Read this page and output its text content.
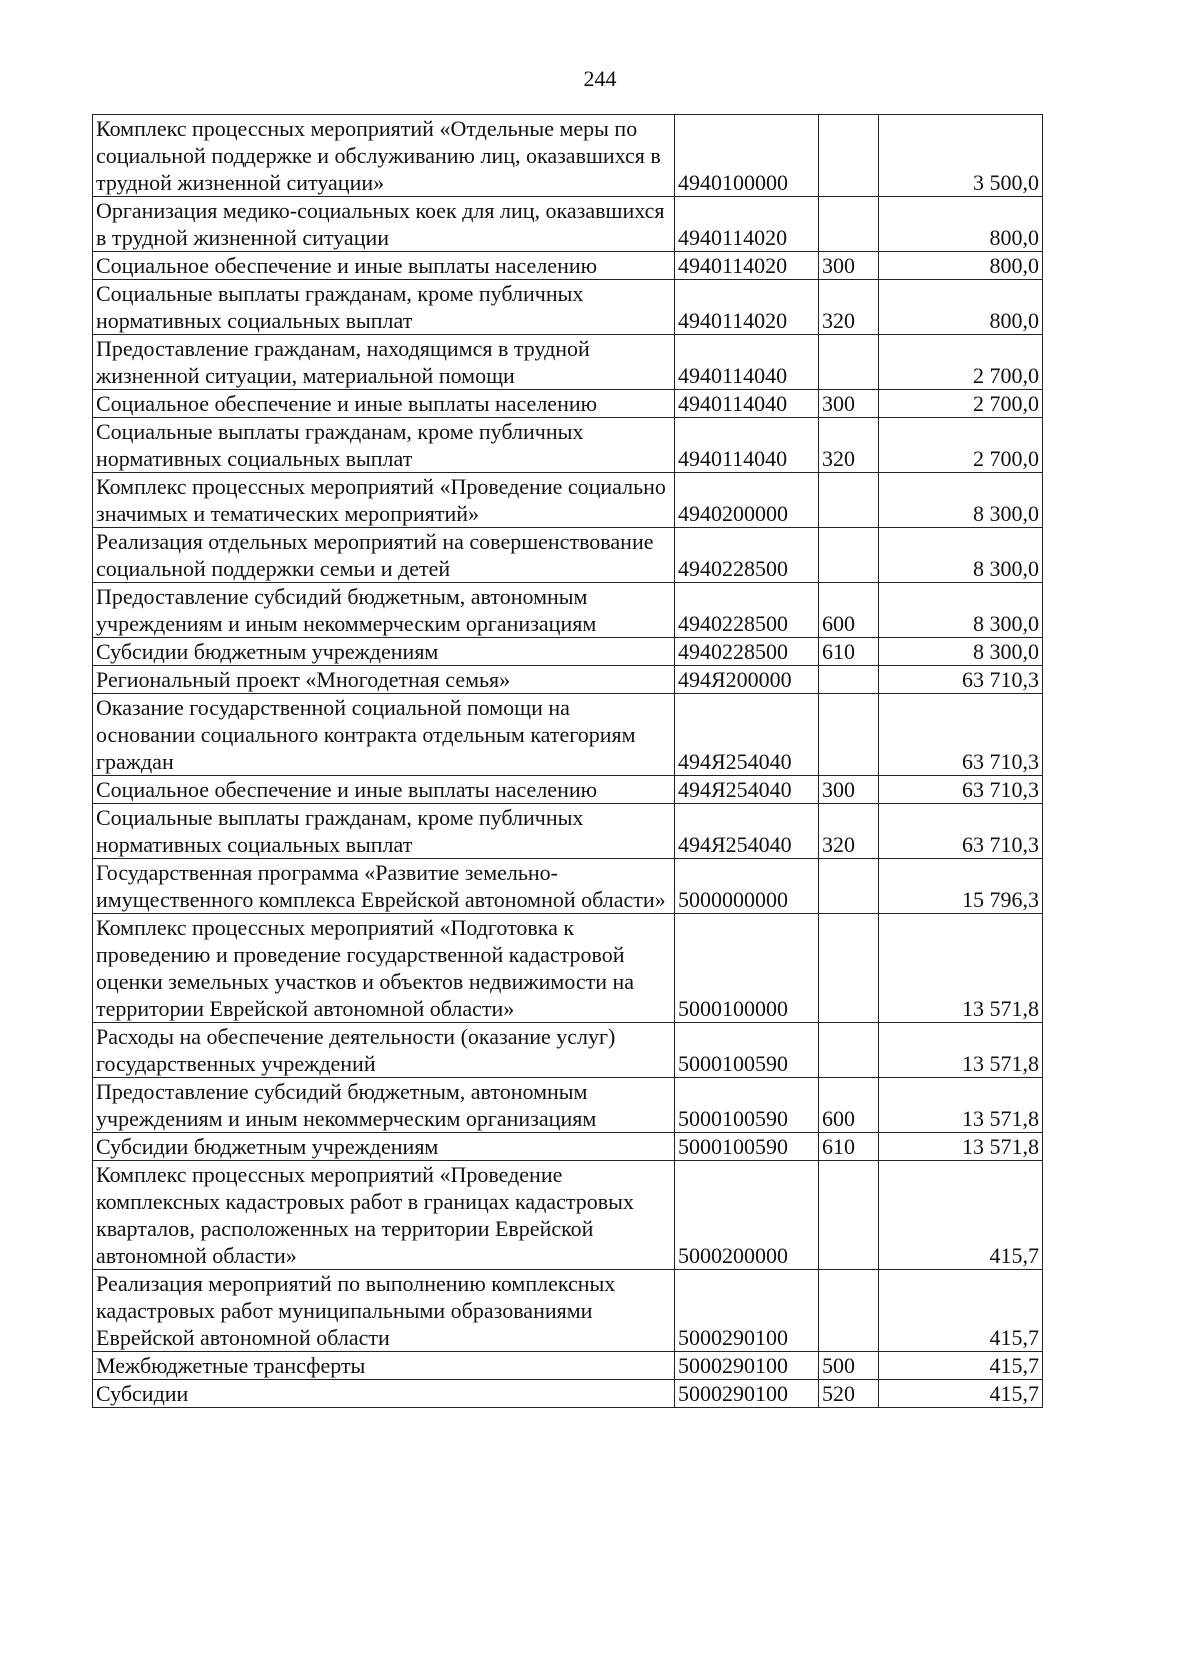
244
Комплекс процессных мероприятий «Отдельные меры по социальной поддержке и обслуживанию лиц, оказавшихся в трудной жизненной ситуации»	4940100000		3 500,0
Организация медико-социальных коек для лиц, оказавшихся в трудной жизненной ситуации	4940114020		800,0
Социальное обеспечение и иные выплаты населению	4940114020	300	800,0
Социальные выплаты гражданам, кроме публичных нормативных социальных выплат	4940114020	320	800,0
Предоставление гражданам, находящимся в трудной жизненной ситуации, материальной помощи	4940114040		2 700,0
Социальное обеспечение и иные выплаты населению	4940114040	300	2 700,0
Социальные выплаты гражданам, кроме публичных нормативных социальных выплат	4940114040	320	2 700,0
Комплекс процессных мероприятий «Проведение социально значимых и тематических мероприятий»	4940200000		8 300,0
Реализация отдельных мероприятий на совершенствование социальной поддержки семьи и детей	4940228500		8 300,0
Предоставление субсидий бюджетным, автономным учреждениям и иным некоммерческим организациям	4940228500	600	8 300,0
Субсидии бюджетным учреждениям	4940228500	610	8 300,0
Региональный проект «Многодетная семья»	494Я200000		63 710,3
Оказание государственной социальной помощи на основании социального контракта отдельным категориям граждан	494Я254040		63 710,3
Социальное обеспечение и иные выплаты населению	494Я254040	300	63 710,3
Социальные выплаты гражданам, кроме публичных нормативных социальных выплат	494Я254040	320	63 710,3
Государственная программа «Развитие земельно-имущественного комплекса Еврейской автономной области»	5000000000		15 796,3
Комплекс процессных мероприятий «Подготовка к проведению и проведение государственной кадастровой оценки земельных участков и объектов недвижимости на территории Еврейской автономной области»	5000100000		13 571,8
Расходы на обеспечение деятельности (оказание услуг) государственных учреждений	5000100590		13 571,8
Предоставление субсидий бюджетным, автономным учреждениям и иным некоммерческим организациям	5000100590	600	13 571,8
Субсидии бюджетным учреждениям	5000100590	610	13 571,8
Комплекс процессных мероприятий «Проведение комплексных кадастровых работ в границах кадастровых кварталов, расположенных на территории Еврейской автономной области»	5000200000		415,7
Реализация мероприятий по выполнению комплексных кадастровых работ муниципальными образованиями Еврейской автономной области	5000290100		415,7
Межбюджетные трансферты	5000290100	500	415,7
Субсидии	5000290100	520	415,7
